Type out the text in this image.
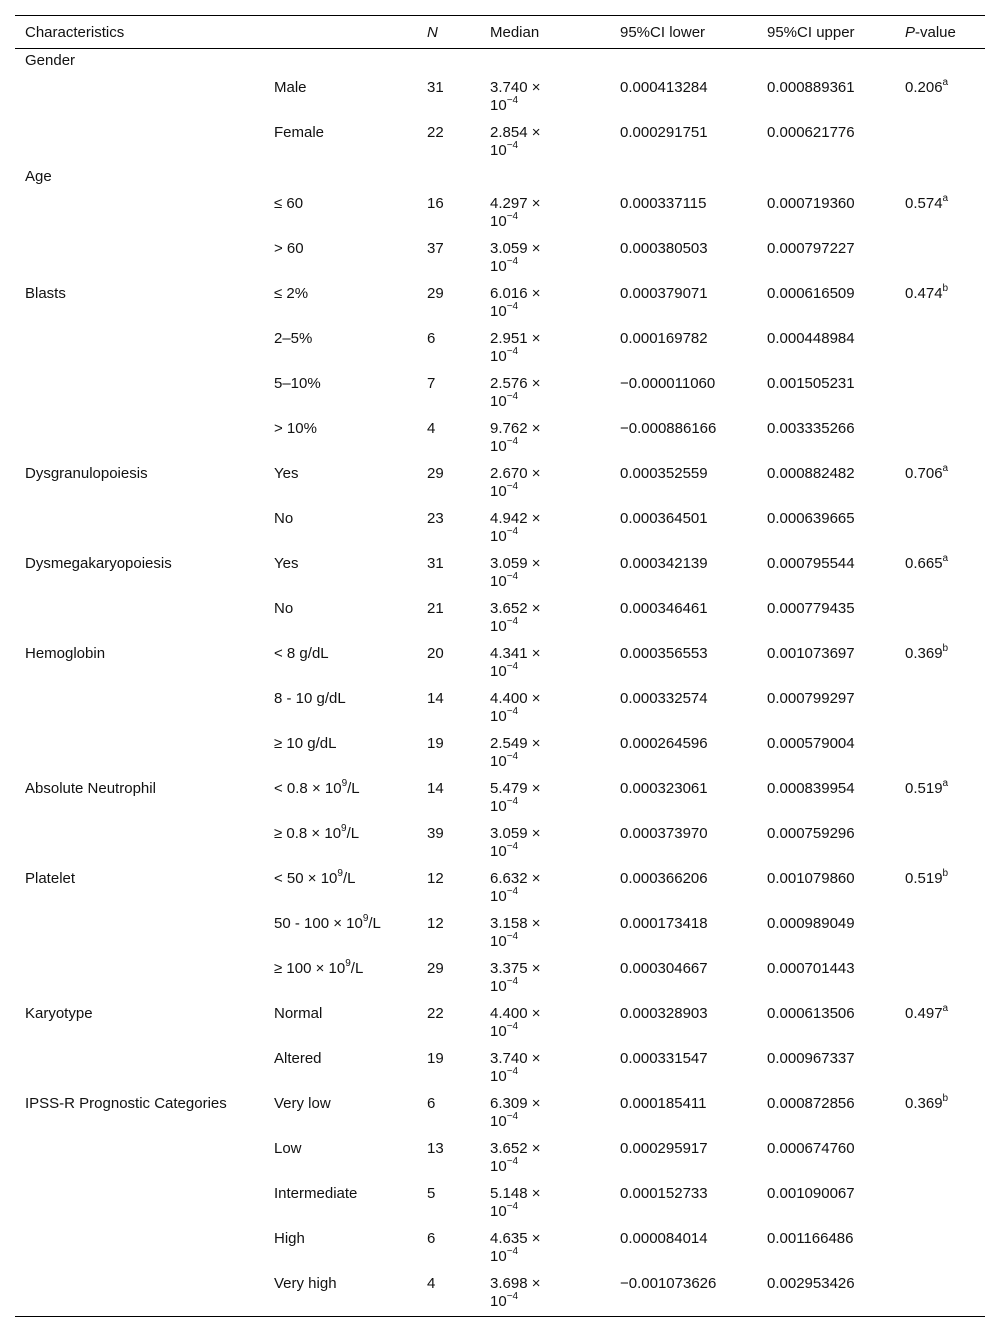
Characteristics		N	Median	95%CI lower	95%CI upper	P-value
Gender						
	Male	31	$3.740 \times 10^{-4}$	0.000413284	0.000889361	0.206$^a$
	Female	22	$2.854 \times 10^{-4}$	0.000291751	0.000621776	
Age						
	≤ 60	16	$4.297 \times 10^{-4}$	0.000337115	0.000719360	0.574$^a$
	> 60	37	$3.059 \times 10^{-4}$	0.000380503	0.000797227	
Blasts	≤ 2%	29	$6.016 \times 10^{-4}$	0.000379071	0.000616509	0.474$^b$
	2–5%	6	$2.951 \times 10^{-4}$	0.000169782	0.000448984	
	5–10%	7	$2.576 \times 10^{-4}$	−0.000011060	0.001505231	
	> 10%	4	$9.762 \times 10^{-4}$	−0.000886166	0.003335266	
Dysgranulopoiesis	Yes	29	$2.670 \times 10^{-4}$	0.000352559	0.000882482	0.706$^a$
	No	23	$4.942 \times 10^{-4}$	0.000364501	0.000639665	
Dysmegakaryopoiesis	Yes	31	$3.059 \times 10^{-4}$	0.000342139	0.000795544	0.665$^a$
	No	21	$3.652 \times 10^{-4}$	0.000346461	0.000779435	
Hemoglobin	< 8 g/dL	20	$4.341 \times 10^{-4}$	0.000356553	0.001073697	0.369$^b$
	8 - 10 g/dL	14	$4.400 \times 10^{-4}$	0.000332574	0.000799297	
	≥ 10 g/dL	19	$2.549 \times 10^{-4}$	0.000264596	0.000579004	
Absolute Neutrophil	< $0.8 \times 10^9/L$	14	$5.479 \times 10^{-4}$	0.000323061	0.000839954	0.519$^a$
	≥ $0.8 \times 10^9/L$	39	$3.059 \times 10^{-4}$	0.000373970	0.000759296	
Platelet	< $50 \times 10^9/L$	12	$6.632 \times 10^{-4}$	0.000366206	0.001079860	0.519$^b$
	$50 - 100 \times 10^9/L$	12	$3.158 \times 10^{-4}$	0.000173418	0.000989049	
	≥ $100 \times 10^9/L$	29	$3.375 \times 10^{-4}$	0.000304667	0.000701443	
Karyotype	Normal	22	$4.400 \times 10^{-4}$	0.000328903	0.000613506	0.497$^a$
	Altered	19	$3.740 \times 10^{-4}$	0.000331547	0.000967337	
IPSS-R Prognostic Categories	Very low	6	$6.309 \times 10^{-4}$	0.000185411	0.000872856	0.369$^b$
	Low	13	$3.652 \times 10^{-4}$	0.000295917	0.000674760	
	Intermediate	5	$5.148 \times 10^{-4}$	0.000152733	0.001090067	
	High	6	$4.635 \times 10^{-4}$	0.000084014	0.001166486	
	Very high	4	$3.698 \times 10^{-4}$	−0.001073626	0.002953426	
